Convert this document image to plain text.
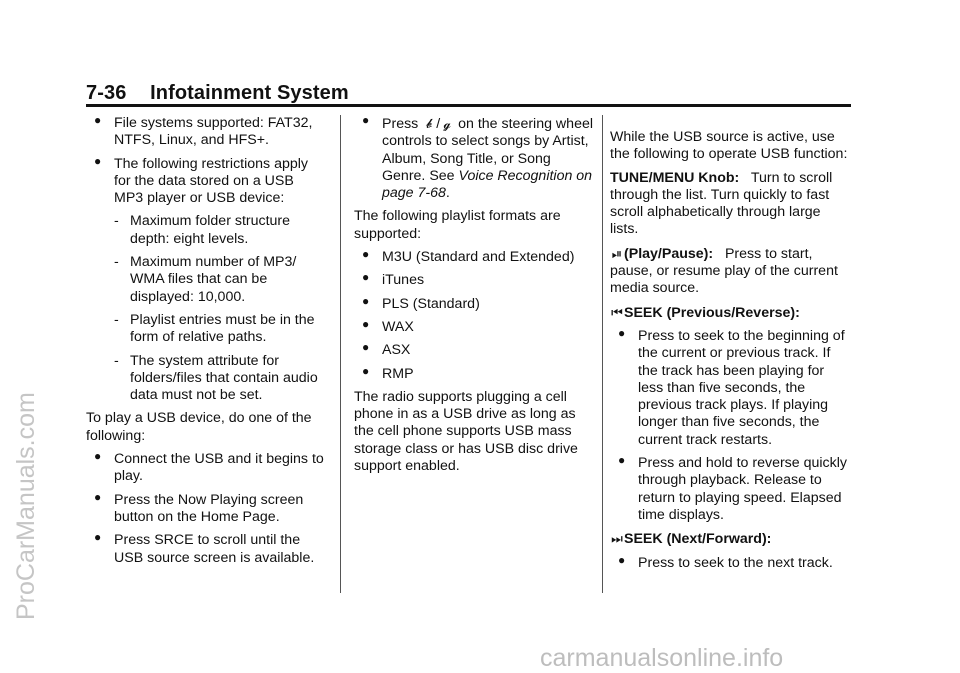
7-36 Infotainment System
● File systems supported: FAT32, NTFS, Linux, and HFS+.
● The following restrictions apply for the data stored on a USB MP3 player or USB device:
- Maximum folder structure depth: eight levels.
- Maximum number of MP3/ WMA files that can be displayed: 10,000.
- Playlist entries must be in the form of relative paths.
- The system attribute for folders/files that contain audio data must not be set.

To play a USB device, do one of the following:

● Connect the USB and it begins to play.
● Press the Now Playing screen button on the Home Page.
● Press SRCE to scroll until the USB source screen is available.
● Press 𝓫 / 𝓰 on the steering wheel controls to select songs by Artist, Album, Song Title, or Song Genre. See Voice Recognition on page 7-68.

The following playlist formats are supported:

● M3U (Standard and Extended)
● iTunes
● PLS (Standard)
● WAX
● ASX
● RMP

The radio supports plugging a cell phone in as a USB drive as long as the cell phone supports USB mass storage class or has USB disc drive support enabled.

While the USB source is active, use the following to operate USB function:

TUNE/MENU Knob: Turn to scroll through the list. Turn quickly to fast scroll alphabetically through large lists.

⏯ (Play/Pause): Press to start, pause, or resume play of the current media source.

⏮SEEK (Previous/Reverse):

● Press to seek to the beginning of the current or previous track. If the track has been playing for less than five seconds, the previous track plays. If playing longer than five seconds, the current track restarts.
● Press and hold to reverse quickly through playback. Release to return to playing speed. Elapsed time displays.

⏭SEEK (Next/Forward):

● Press to seek to the next track.
ProCarManuals.com
carmanualsonline.info
